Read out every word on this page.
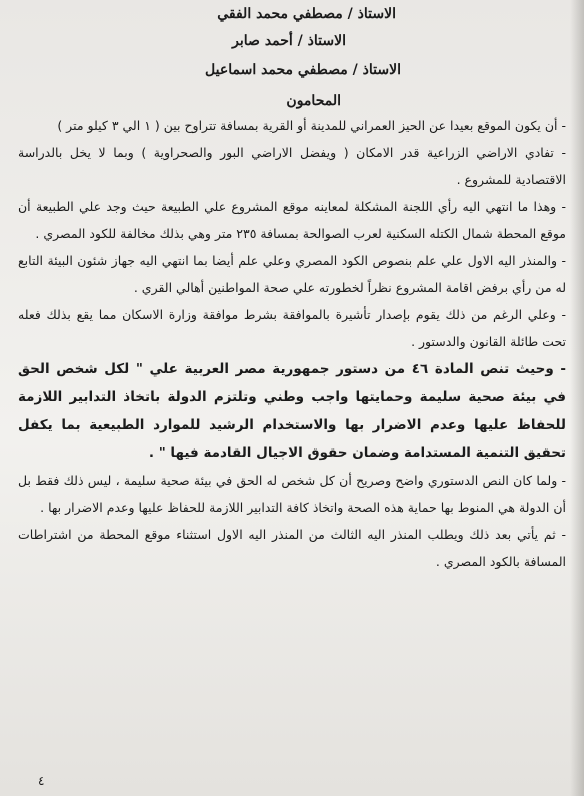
الاستاذ / مصطفي محمد الفقي
الاستاذ / أحمد صابر
الاستاذ / مصطفي محمد اسماعيل
المحامون

- أن يكون الموقع بعيدا عن الحيز العمراني للمدينة أو القرية بمسافة تتراوح بين ( ١ الي ٣ كيلو متر )

- تفادي الاراضي الزراعية قدر الامكان ( ويفضل الاراضي البور والصحراوية ) وبما لا يخل بالدراسة الاقتصادية للمشروع .

- وهذا ما انتهي اليه رأي اللجنة المشكلة لمعاينه موقع المشروع علي الطبيعة حيث وجد علي الطبيعة أن موقع المحطة شمال الكتله السكنية لعرب الصوالحة بمسافة ٢٣٥ متر وهي بذلك مخالفة للكود المصري .

- والمنذر اليه الاول علي علم بنصوص الكود المصري وعلي علم أيضا بما انتهي اليه جهاز شئون البيئة التابع له من رأي برفض اقامة المشروع نظراً لخطورته علي صحة المواطنين أهالي القري .

- وعلي الرغم من ذلك يقوم بإصدار تأشيرة بالموافقة بشرط موافقة وزارة الاسكان مما يقع بذلك فعله تحت طائلة القانون والدستور .

- وحيث تنص المادة ٤٦ من دستور جمهورية مصر العربية علي " لكل شخص الحق في بيئة صحية سليمة وحمايتها واجب وطني وتلتزم الدولة باتخاذ التدابير اللازمة للحفاظ عليها وعدم الاضرار بها والاستخدام الرشيد للموارد الطبيعية بما يكفل تحقيق التنمية المستدامة وضمان حقوق الاجيال القادمة فيها " .

- ولما كان النص الدستوري واضح وصريح أن كل شخص له الحق في بيئة صحية سليمة ، ليس ذلك فقط بل أن الدولة هي المنوط بها حماية هذه الصحة واتخاذ كافة التدابير اللازمة للحفاظ عليها وعدم الاضرار بها .

- ثم يأتي بعد ذلك ويطلب المنذر اليه الثالث من المنذر اليه الاول استثناء موقع المحطة من اشتراطات المسافة بالكود المصري .

٤
